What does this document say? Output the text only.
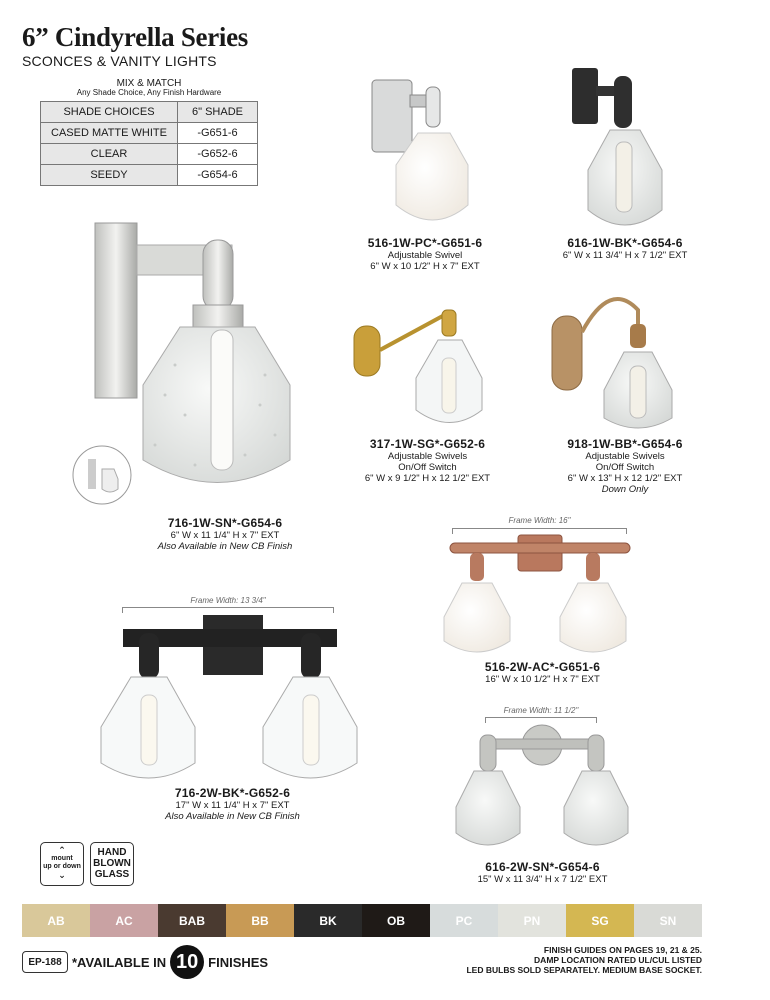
6” Cindyrella Series
SCONCES & VANITY LIGHTS
MIX & MATCH
Any Shade Choice, Any Finish Hardware
SHADE CHOICES	6" SHADE
CASED MATTE WHITE	-G651-6
CLEAR	-G652-6
SEEDY	-G654-6
716-1W-SN*-G654-6
6" W x 11 1/4" H x 7" EXT
Also Available in New CB Finish
516-1W-PC*-G651-6
Adjustable Swivel
6" W x 10 1/2" H x 7" EXT
616-1W-BK*-G654-6
6" W x 11 3/4" H x 7 1/2" EXT
317-1W-SG*-G652-6
Adjustable Swivels
On/Off Switch
6" W x 9 1/2" H x 12 1/2" EXT
918-1W-BB*-G654-6
Adjustable Swivels
On/Off Switch
6" W x 13" H x 12 1/2" EXT
Down Only
Frame Width: 16"
516-2W-AC*-G651-6
16" W x 10 1/2" H x 7" EXT
Frame Width: 13 3/4"
716-2W-BK*-G652-6
17" W x 11 1/4" H x 7" EXT
Also Available in New CB Finish
Frame Width: 11 1/2"
616-2W-SN*-G654-6
15" W x 11 3/4" H x 7 1/2" EXT
⌃
mount
up or down
⌄
HAND
BLOWN
GLASS
AB	AC	BAB	BB	BK	OB	PC	PN	SG	SN
EP-188 *AVAILABLE IN 10 FINISHES
FINISH GUIDES ON PAGES 19, 21 & 25.
DAMP LOCATION RATED UL/CUL LISTED
LED BULBS SOLD SEPARATELY. MEDIUM BASE SOCKET.
